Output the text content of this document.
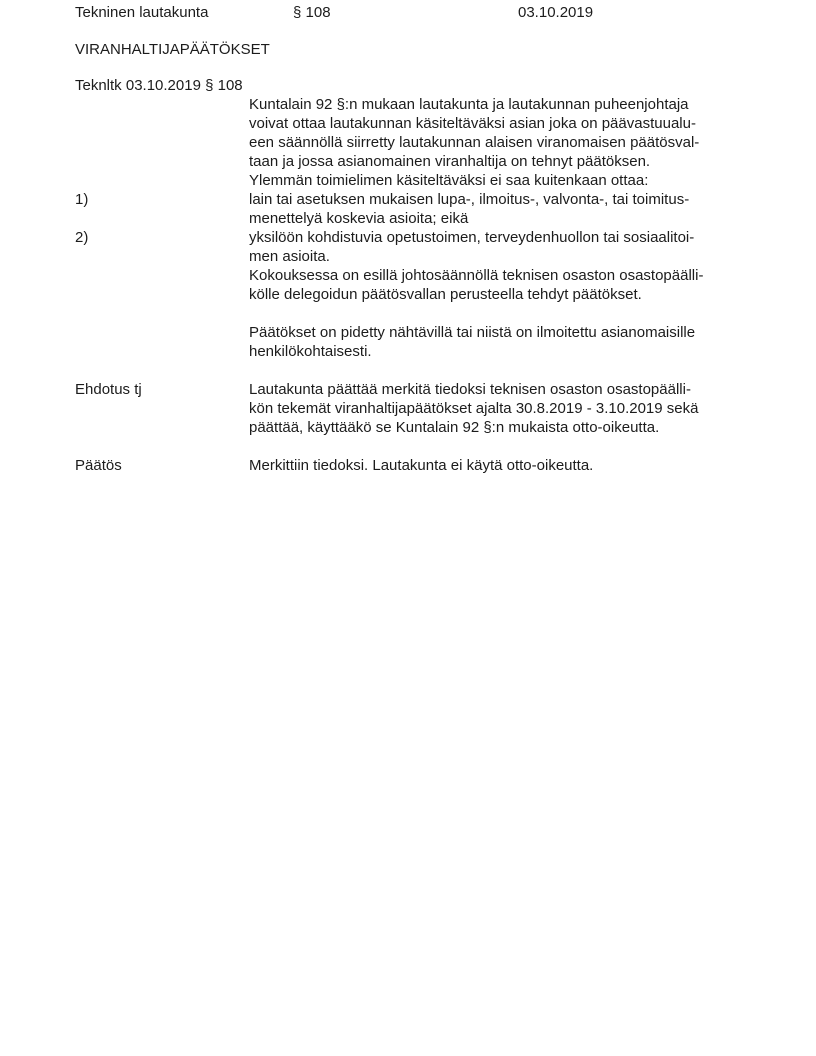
Tekninen lautakunta	§ 108	03.10.2019
VIRANHALTIJAPÄÄTÖKSET
Teknltk 03.10.2019 § 108
Kuntalain 92 §:n mukaan lautakunta ja lautakunnan puheenjohtaja
voivat ottaa lautakunnan käsiteltäväksi asian joka on päävastuualu-
een säännöllä siirretty lautakunnan alaisen viranomaisen päätösval-
taan ja jossa asianomainen viranhaltija on tehnyt päätöksen.
Ylemmän toimielimen käsiteltäväksi ei saa kuitenkaan ottaa:
1)	lain tai asetuksen mukaisen lupa-, ilmoitus-, valvonta-, tai toimitus-
menettelyä koskevia asioita; eikä
2)	yksilöön kohdistuvia opetustoimen, terveydenhuollon tai sosiaalitoi-
men asioita.
Kokouksessa on esillä johtosäännöllä teknisen osaston osastopäälli-
kölle delegoidun päätösvallan perusteella tehdyt päätökset.
Päätökset on pidetty nähtävillä tai niistä on ilmoitettu asianomaisille
henkilökohtaisesti.
Ehdotus tj	Lautakunta päättää merkitä tiedoksi teknisen osaston osastopäälli-
kön tekemät viranhaltijapäätökset ajalta 30.8.2019 - 3.10.2019 sekä
päättää, käyttääkö se Kuntalain 92 §:n mukaista otto-oikeutta.
Päätös	Merkittiin tiedoksi. Lautakunta ei käytä otto-oikeutta.
